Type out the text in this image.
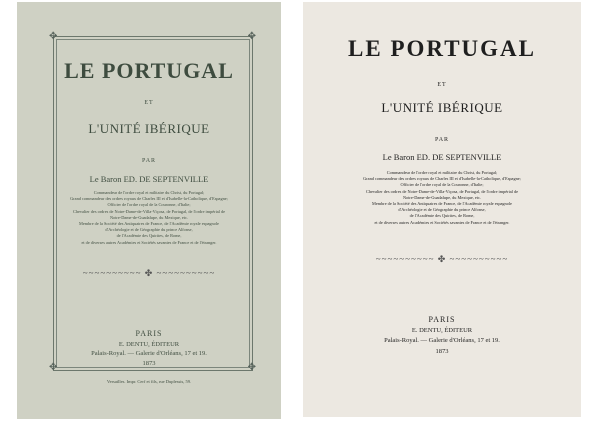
✥	✥
✥	✥
LE PORTUGAL
ET
L'UNITÉ IBÉRIQUE
PAR
Le Baron ED. DE SEPTENVILLE
Commandeur de l'ordre royal et militaire du Christ, du Portugal;
Grand commandeur des ordres royaux de Charles III et d'Isabelle-la-Catholique, d'Espagne;
Officier de l'ordre royal de la Couronne, d'Italie;
Chevalier des ordres de Notre-Dame-de-Villa-Viçosa, de Portugal, de l'ordre impérial de
Notre-Dame-de-Guadalupe, du Mexique, etc.
Membre de la Société des Antiquaires de France, de l'Académie royale espagnole
d'Archéologie et de Géographie du prince Alfonse,
de l'Académie des Quirites, de Rome,
et de diverses autres Académies et Sociétés savantes de France et de l'étranger.
~~~~~~~~~~ ✤ ~~~~~~~~~~
PARIS
E. DENTU, ÉDITEUR
Palais-Royal. — Galerie d'Orléans, 17 et 19.
1873
Versailles. Impr. Cerf et fils, rue Duplessis, 59.
LE PORTUGAL
ET
L'UNITÉ IBÉRIQUE
PAR
Le Baron ED. DE SEPTENVILLE
Commandeur de l'ordre royal et militaire du Christ, du Portugal;
Grand commandeur des ordres royaux de Charles III et d'Isabelle-la-Catholique, d'Espagne;
Officier de l'ordre royal de la Couronne, d'Italie;
Chevalier des ordres de Notre-Dame-de-Villa-Viçosa, de Portugal, de l'ordre impérial de
Notre-Dame-de-Guadalupe, du Mexique, etc.
Membre de la Société des Antiquaires de France, de l'Académie royale espagnole
d'Archéologie et de Géographie du prince Alfonse,
de l'Académie des Quirites, de Rome,
et de diverses autres Académies et Sociétés savantes de France et de l'étranger.
~~~~~~~~~~ ✤ ~~~~~~~~~~
PARIS
E. DENTU, ÉDITEUR
Palais-Royal. — Galerie d'Orléans, 17 et 19.
1873
